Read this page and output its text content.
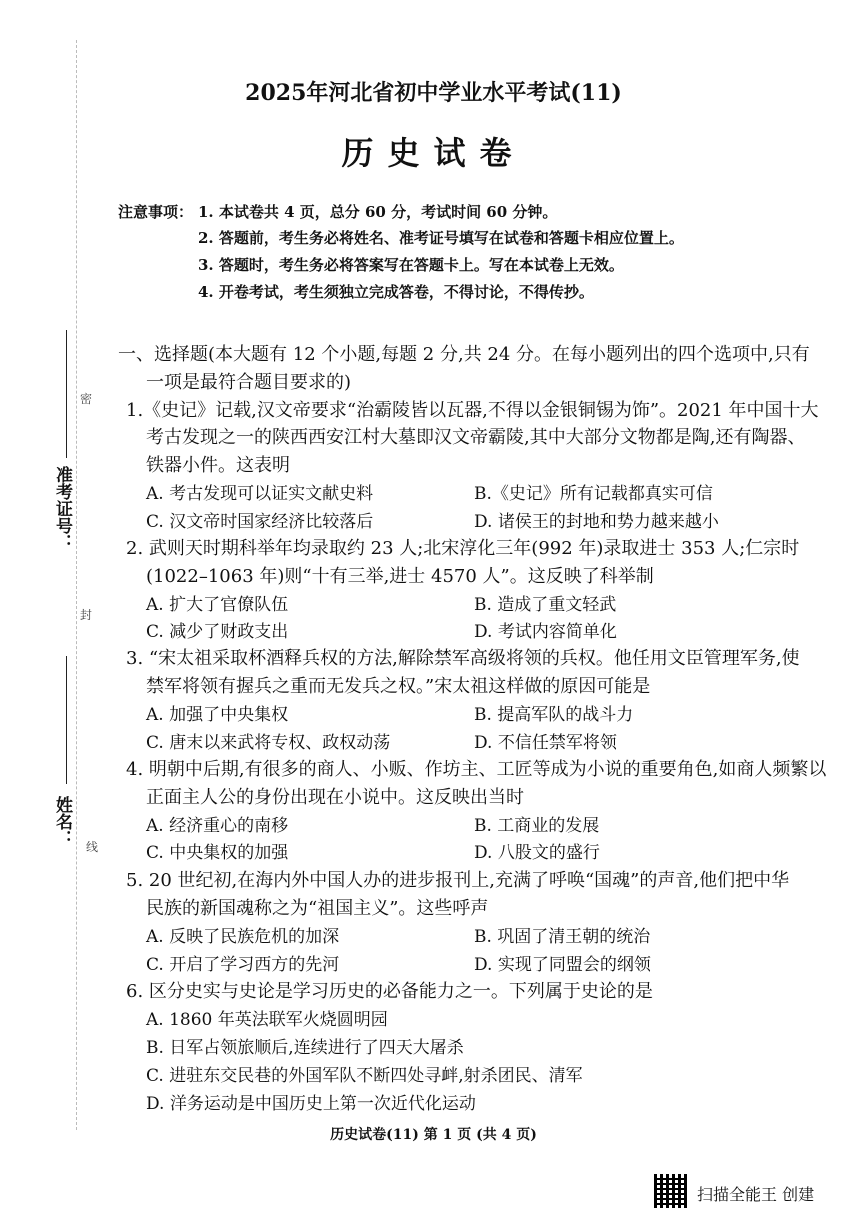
准考证号：
姓名：
密
封
线
2025年河北省初中学业水平考试(11)
历史试卷
注意事项： 1. 本试卷共 4 页，总分 60 分，考试时间 60 分钟。
2. 答题前，考生务必将姓名、准考证号填写在试卷和答题卡相应位置上。
3. 答题时，考生务必将答案写在答题卡上。写在本试卷上无效。
4. 开卷考试，考生须独立完成答卷，不得讨论，不得传抄。
一、选择题(本大题有 12 个小题,每题 2 分,共 24 分。在每小题列出的四个选项中,只有
一项是最符合题目要求的)
1.《史记》记载,汉文帝要求“治霸陵皆以瓦器,不得以金银铜锡为饰”。2021 年中国十大
考古发现之一的陕西西安江村大墓即汉文帝霸陵,其中大部分文物都是陶,还有陶器、
铁器小件。这表明
A. 考古发现可以证实文献史料	B.《史记》所有记载都真实可信
C. 汉文帝时国家经济比较落后	D. 诸侯王的封地和势力越来越小
2. 武则天时期科举年均录取约 23 人;北宋淳化三年(992 年)录取进士 353 人;仁宗时
(1022–1063 年)则“十有三举,进士 4570 人”。这反映了科举制
A. 扩大了官僚队伍	B. 造成了重文轻武
C. 减少了财政支出	D. 考试内容简单化
3. “宋太祖采取杯酒释兵权的方法,解除禁军高级将领的兵权。他任用文臣管理军务,使
禁军将领有握兵之重而无发兵之权。”宋太祖这样做的原因可能是
A. 加强了中央集权	B. 提高军队的战斗力
C. 唐末以来武将专权、政权动荡	D. 不信任禁军将领
4. 明朝中后期,有很多的商人、小贩、作坊主、工匠等成为小说的重要角色,如商人频繁以
正面主人公的身份出现在小说中。这反映出当时
A. 经济重心的南移	B. 工商业的发展
C. 中央集权的加强	D. 八股文的盛行
5. 20 世纪初,在海内外中国人办的进步报刊上,充满了呼唤“国魂”的声音,他们把中华
民族的新国魂称之为“祖国主义”。这些呼声
A. 反映了民族危机的加深	B. 巩固了清王朝的统治
C. 开启了学习西方的先河	D. 实现了同盟会的纲领
6. 区分史实与史论是学习历史的必备能力之一。下列属于史论的是
A. 1860 年英法联军火烧圆明园
B. 日军占领旅顺后,连续进行了四天大屠杀
C. 进驻东交民巷的外国军队不断四处寻衅,射杀团民、清军
D. 洋务运动是中国历史上第一次近代化运动
历史试卷(11) 第 1 页 (共 4 页)
扫描全能王 创建
